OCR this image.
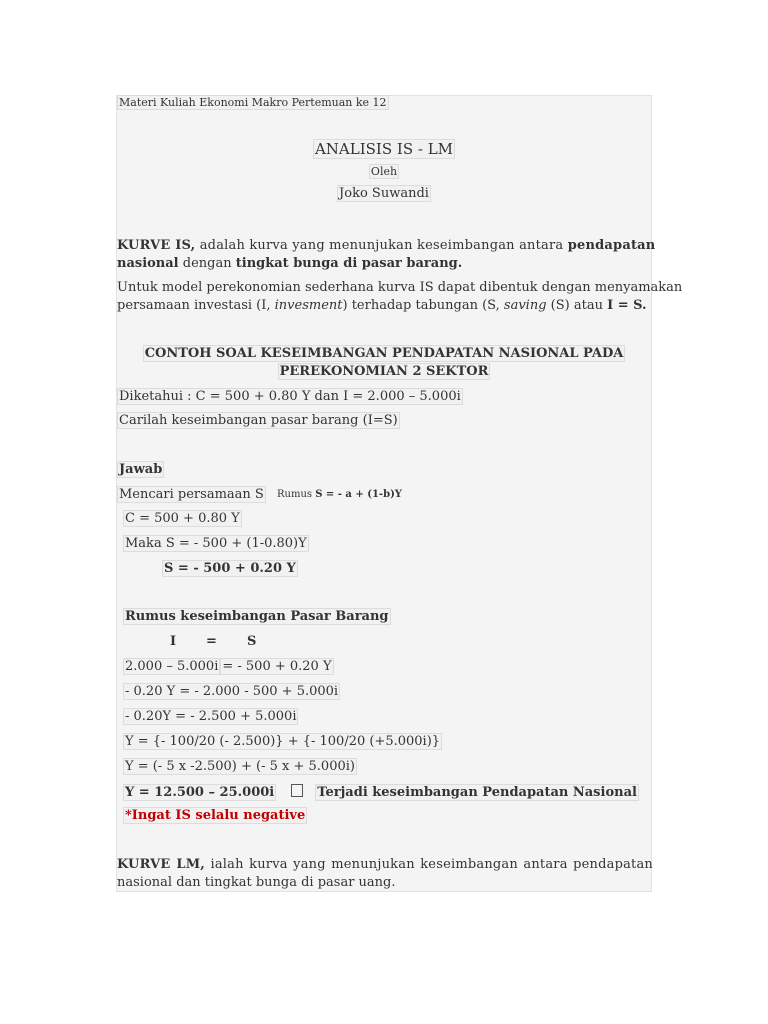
Materi Kuliah Ekonomi Makro Pertemuan ke 12
ANALISIS IS - LM
Oleh
Joko Suwandi
KURVE IS, adalah kurva yang menunjukan keseimbangan antara pendapatan
nasional dengan tingkat bunga di pasar barang.
Untuk model perekonomian sederhana kurva IS dapat dibentuk dengan menyamakan
persamaan investasi (I, invesment) terhadap tabungan (S, saving (S) atau I = S.
CONTOH SOAL KESEIMBANGAN PENDAPATAN NASIONAL PADA
PEREKONOMIAN 2 SEKTOR
Diketahui : C = 500 + 0.80 Y dan I = 2.000 – 5.000i
Carilah keseimbangan pasar barang (I=S)
Jawab
Mencari persamaan S Rumus S = - a + (1-b)Y
C = 500 + 0.80 Y
Maka S = - 500 + (1-0.80)Y
S = - 500 + 0.20 Y
Rumus keseimbangan Pasar Barang
I = S
2.000 – 5.000i = - 500 + 0.20 Y
- 0.20 Y = - 2.000 - 500 + 5.000i
- 0.20Y = - 2.500 + 5.000i
Y = {- 100/20 (- 2.500)} + {- 100/20 (+5.000i)}
Y = (- 5 x -2.500) + (- 5 x + 5.000i)
Y = 12.500 – 25.000i	Terjadi keseimbangan Pendapatan Nasional
*Ingat IS selalu negative
KURVE LM, ialah kurva yang menunjukan keseimbangan antara pendapatan
nasional dan tingkat bunga di pasar uang.
